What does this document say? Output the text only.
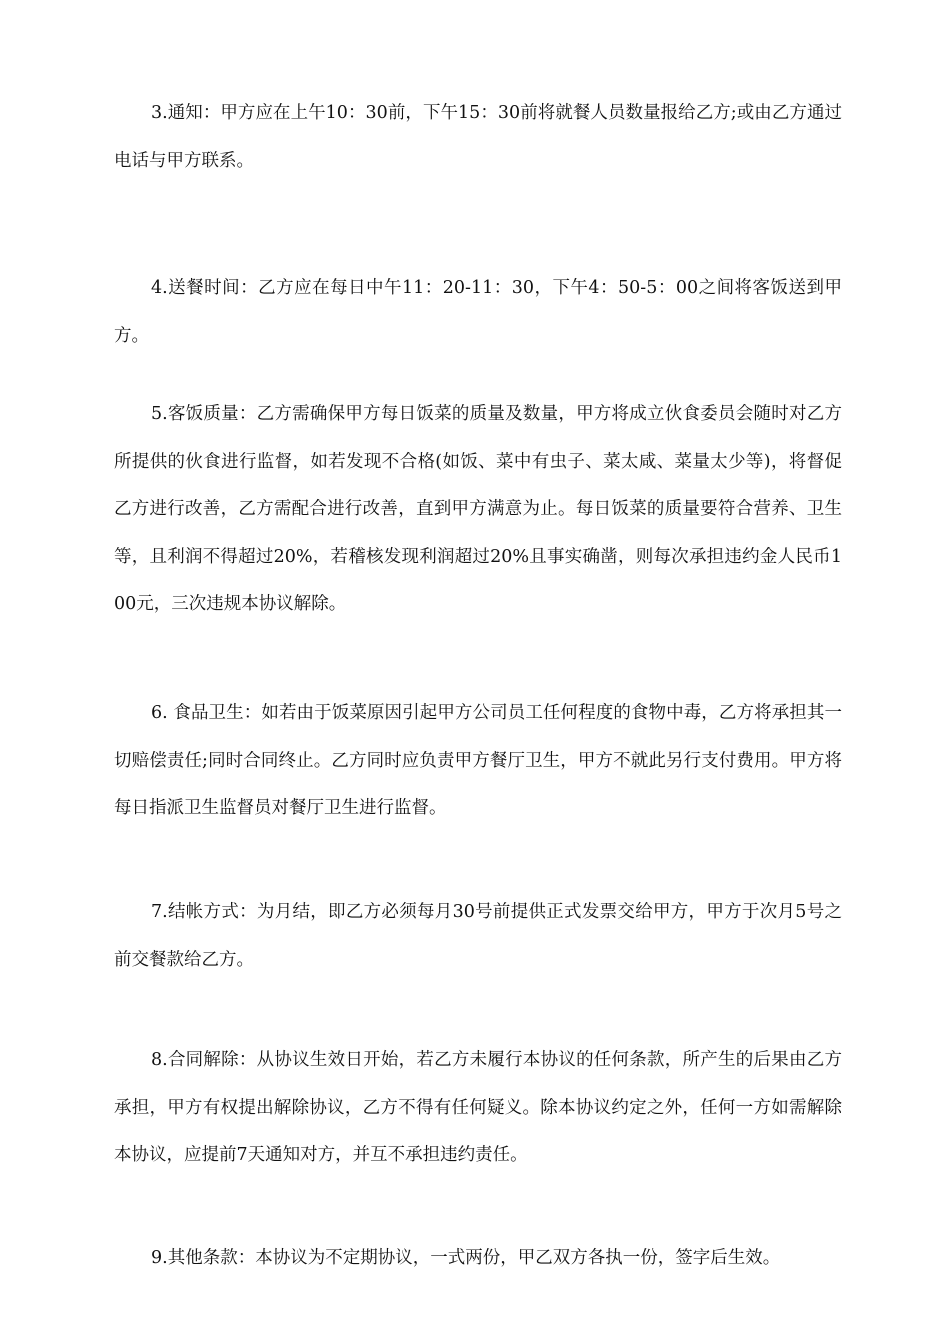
3.通知：甲方应在上午10：30前，下午15：30前将就餐人员数量报给乙方;或由乙方通过电话与甲方联系。

4.送餐时间：乙方应在每日中午11：20-11：30，下午4：50-5：00之间将客饭送到甲方。

5.客饭质量：乙方需确保甲方每日饭菜的质量及数量，甲方将成立伙食委员会随时对乙方所提供的伙食进行监督，如若发现不合格(如饭、菜中有虫子、菜太咸、菜量太少等)，将督促乙方进行改善，乙方需配合进行改善，直到甲方满意为止。每日饭菜的质量要符合营养、卫生等，且利润不得超过20%，若稽核发现利润超过20%且事实确凿，则每次承担违约金人民币100元，三次违规本协议解除。

6. 食品卫生：如若由于饭菜原因引起甲方公司员工任何程度的食物中毒，乙方将承担其一切赔偿责任;同时合同终止。乙方同时应负责甲方餐厅卫生，甲方不就此另行支付费用。甲方将每日指派卫生监督员对餐厅卫生进行监督。

7.结帐方式：为月结，即乙方必须每月30号前提供正式发票交给甲方，甲方于次月5号之前交餐款给乙方。

8.合同解除：从协议生效日开始，若乙方未履行本协议的任何条款，所产生的后果由乙方承担，甲方有权提出解除协议，乙方不得有任何疑义。除本协议约定之外，任何一方如需解除本协议，应提前7天通知对方，并互不承担违约责任。

9.其他条款：本协议为不定期协议，一式两份，甲乙双方各执一份，签字后生效。
